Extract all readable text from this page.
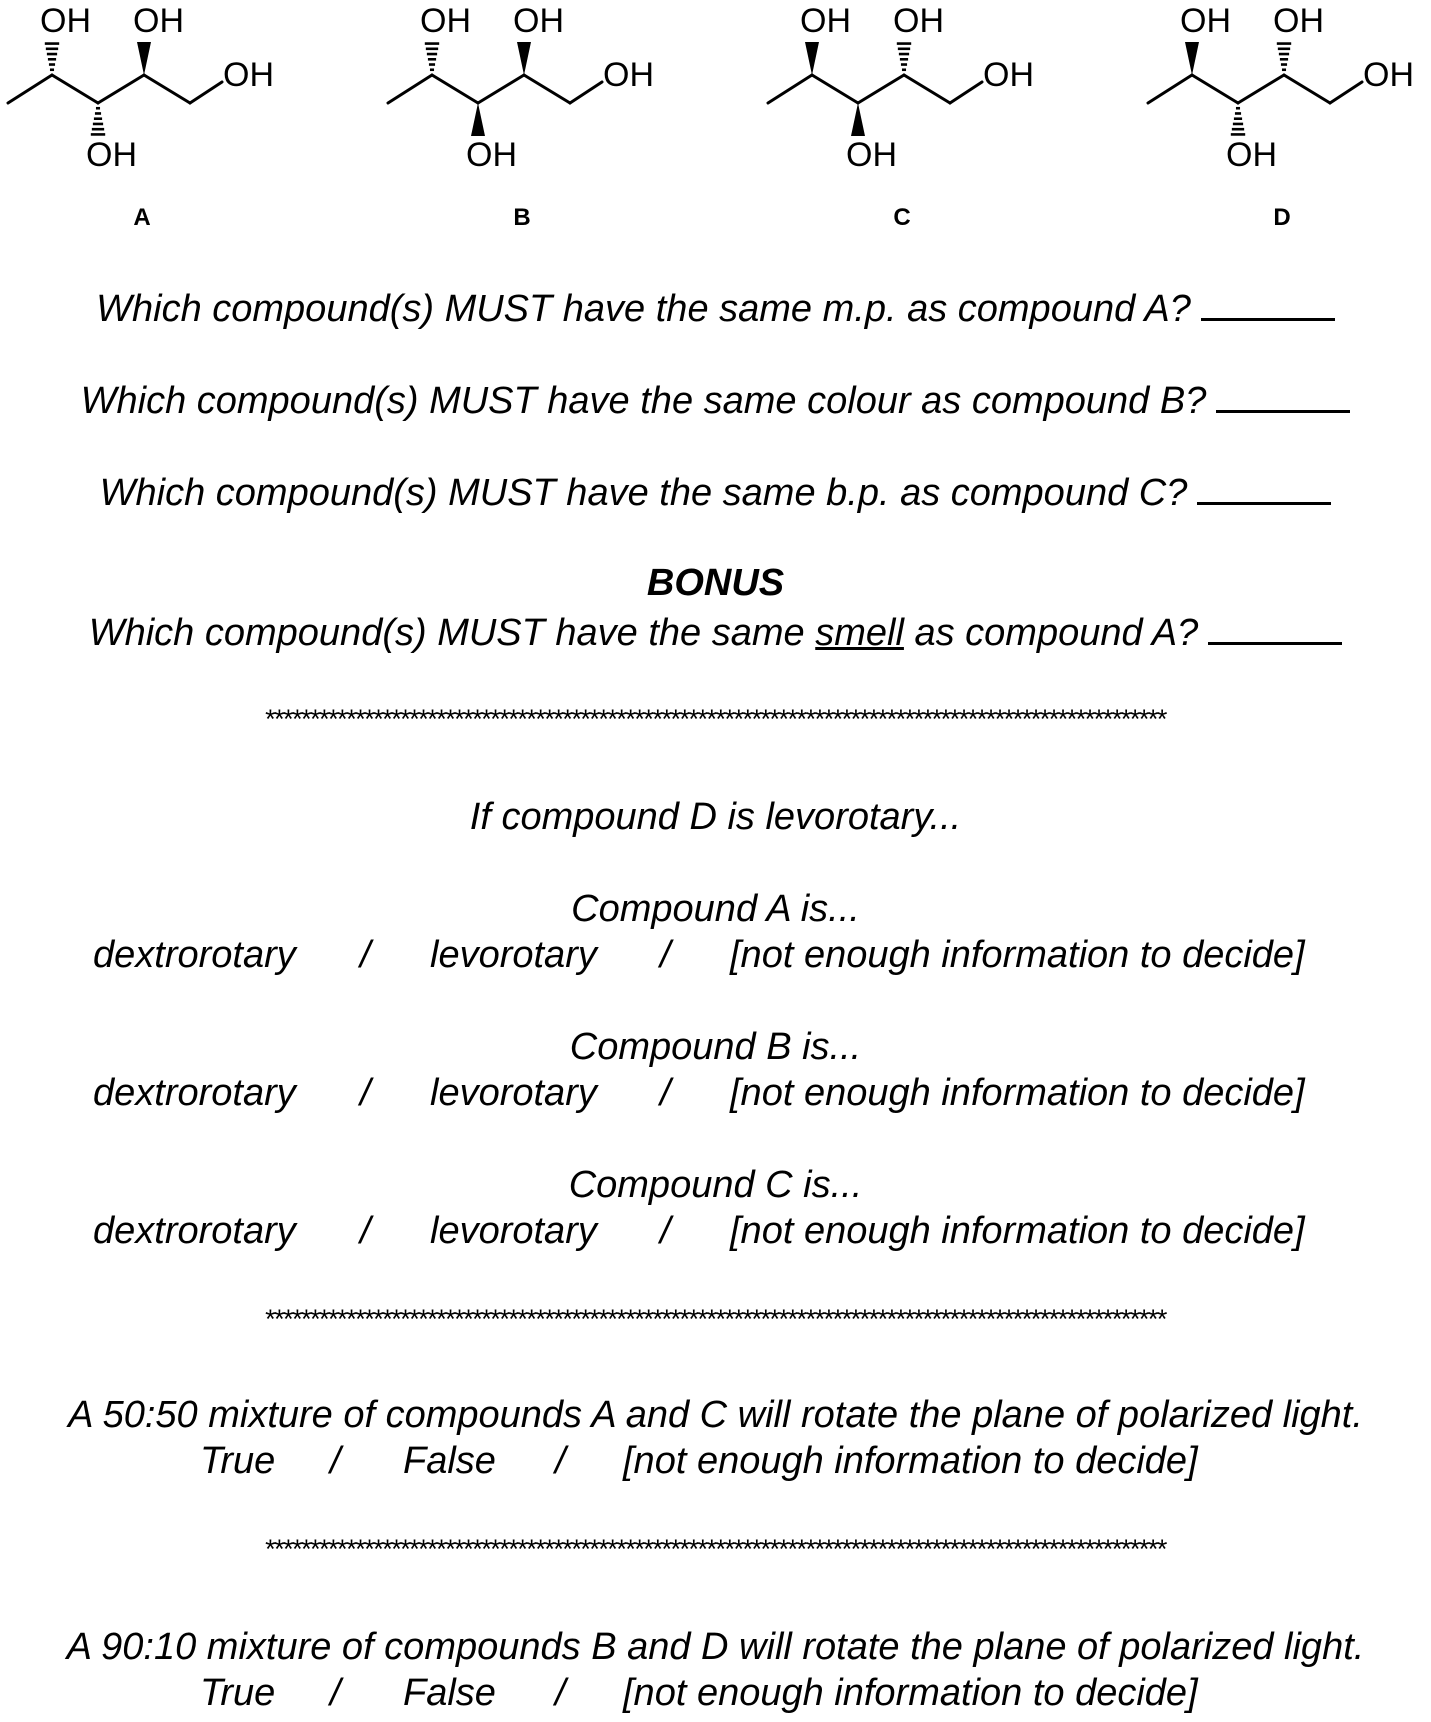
OH OH
OH
OH
A
OH OH
OH
OH
B
OH OH
OH
OH
C
OH OH
OH
OH
D
Which compound(s) MUST have the same m.p. as compound A?
Which compound(s) MUST have the same colour as compound B?
Which compound(s) MUST have the same b.p. as compound C?
BONUS
Which compound(s) MUST have the same smell as compound A?
****************************************************************************************************
If compound D is levorotary...
Compound A is...
dextrorotary / levorotary / [not enough information to decide]
Compound B is...
dextrorotary / levorotary / [not enough information to decide]
Compound C is...
dextrorotary / levorotary / [not enough information to decide]
****************************************************************************************************
A 50:50 mixture of compounds A and C will rotate the plane of polarized light.
True / False / [not enough information to decide]
****************************************************************************************************
A 90:10 mixture of compounds B and D will rotate the plane of polarized light.
True / False / [not enough information to decide]
